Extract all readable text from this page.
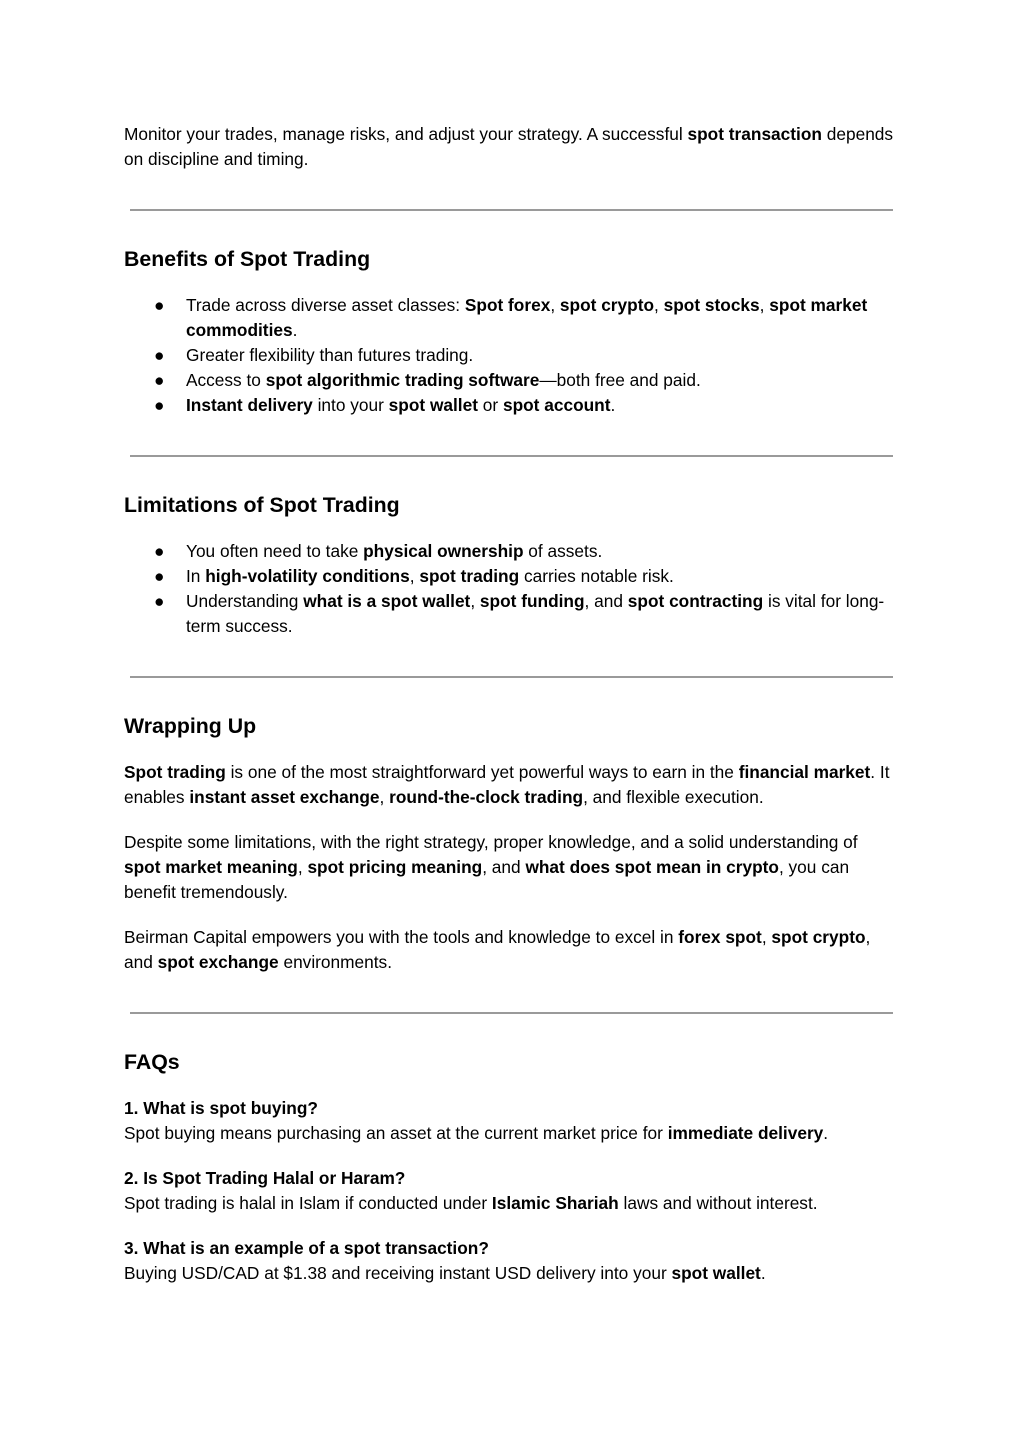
Monitor your trades, manage risks, and adjust your strategy. A successful spot transaction depends on discipline and timing.

Benefits of Spot Trading
● Trade across diverse asset classes: Spot forex, spot crypto, spot stocks, spot market commodities.
● Greater flexibility than futures trading.
● Access to spot algorithmic trading software—both free and paid.
● Instant delivery into your spot wallet or spot account.
Limitations of Spot Trading
● You often need to take physical ownership of assets.
● In high-volatility conditions, spot trading carries notable risk.
● Understanding what is a spot wallet, spot funding, and spot contracting is vital for long-term success.
Wrapping Up

Spot trading is one of the most straightforward yet powerful ways to earn in the financial market. It enables instant asset exchange, round-the-clock trading, and flexible execution.

Despite some limitations, with the right strategy, proper knowledge, and a solid understanding of spot market meaning, spot pricing meaning, and what does spot mean in crypto, you can benefit tremendously.

Beirman Capital empowers you with the tools and knowledge to excel in forex spot, spot crypto, and spot exchange environments.

FAQs

1. What is spot buying?

Spot buying means purchasing an asset at the current market price for immediate delivery.

2. Is Spot Trading Halal or Haram?

Spot trading is halal in Islam if conducted under Islamic Shariah laws and without interest.

3. What is an example of a spot transaction?

Buying USD/CAD at $1.38 and receiving instant USD delivery into your spot wallet.
